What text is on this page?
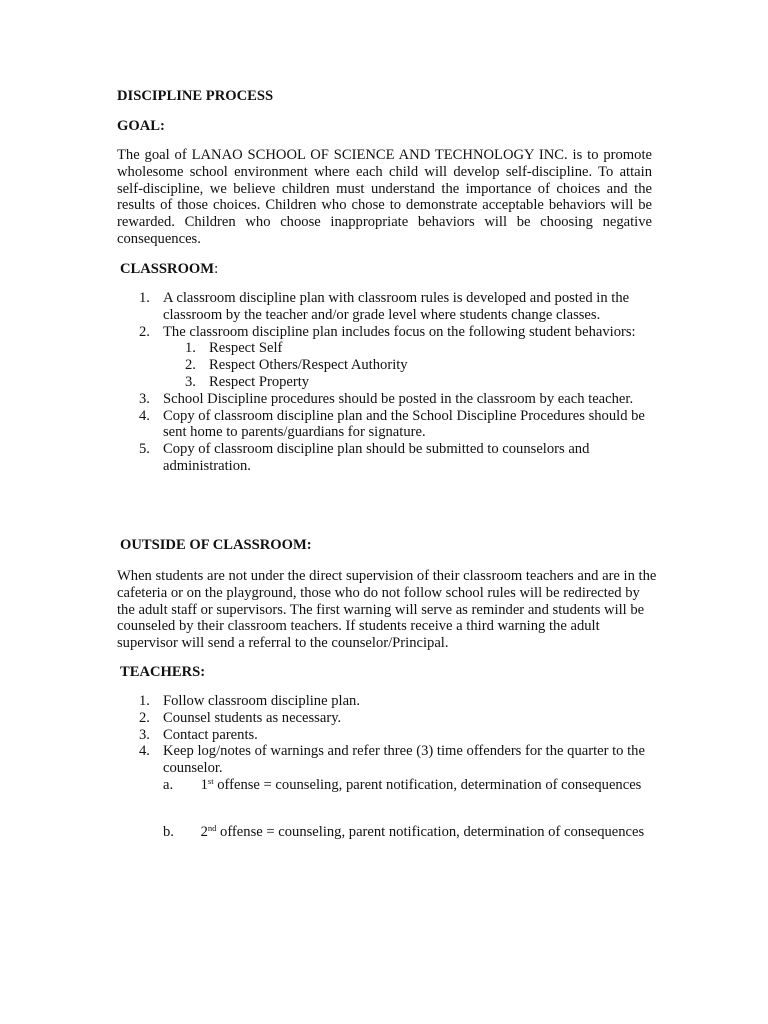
DISCIPLINE PROCESS
GOAL:
The goal of LANAO SCHOOL OF SCIENCE AND TECHNOLOGY INC. is to promote wholesome school environment where each child will develop self-discipline. To attain self-discipline, we believe children must understand the importance of choices and the results of those choices. Children who chose to demonstrate acceptable behaviors will be rewarded. Children who choose inappropriate behaviors will be choosing negative consequences.
CLASSROOM:
1. A classroom discipline plan with classroom rules is developed and posted in the classroom by the teacher and/or grade level where students change classes.
2. The classroom discipline plan includes focus on the following student behaviors:
1. Respect Self
2. Respect Others/Respect Authority
3. Respect Property
3. School Discipline procedures should be posted in the classroom by each teacher.
4. Copy of classroom discipline plan and the School Discipline Procedures should be sent home to parents/guardians for signature.
5. Copy of classroom discipline plan should be submitted to counselors and administration.
OUTSIDE OF CLASSROOM:
When students are not under the direct supervision of their classroom teachers and are in the cafeteria or on the playground, those who do not follow school rules will be redirected by the adult staff or supervisors. The first warning will serve as reminder and students will be counseled by their classroom teachers. If students receive a third warning the adult supervisor will send a referral to the counselor/Principal.
TEACHERS:
1. Follow classroom discipline plan.
2. Counsel students as necessary.
3. Contact parents.
4. Keep log/notes of warnings and refer three (3) time offenders for the quarter to the counselor.
a.	1st offense = counseling, parent notification, determination of consequences
b.	2nd offense = counseling, parent notification, determination of consequences
